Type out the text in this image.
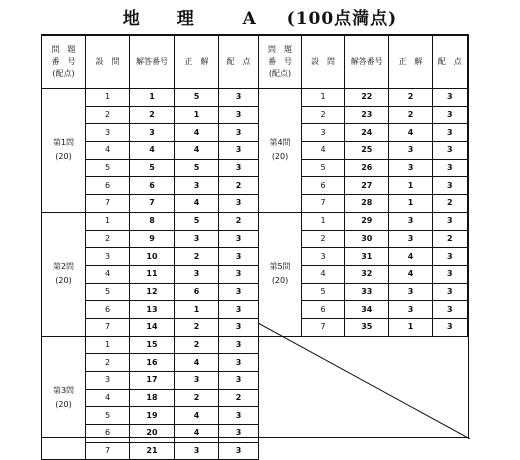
地　　理	A (100点満点)
問　題
番　号
(配点)	設　問	解答番号	正　解	配　点

第1問
(20)	1	1	5	3
	2	2	1	3
	3	3	4	3
	4	4	4	3
	5	5	5	3
	6	6	3	2
	7	7	4	3

第2問
(20)	1	8	5	2
	2	9	3	3
	3	10	2	3
	4	11	3	3
	5	12	6	3
	6	13	1	3
	7	14	2	3

第3問
(20)	1	15	2	3
	2	16	4	3
	3	17	3	3
	4	18	2	2
	5	19	4	3
	6	20	4	3
	7	21	3	3
問　題
番　号
(配点)	設　問	解答番号	正　解	配　点

第4問
(20)	1	22	2	3
	2	23	2	3
	3	24	4	3
	4	25	3	3
	5	26	3	3
	6	27	1	3
	7	28	1	2

第5問
(20)	1	29	3	3
	2	30	3	2
	3	31	4	3
	4	32	4	3
	5	33	3	3
	6	34	3	3
	7	35	1	3
